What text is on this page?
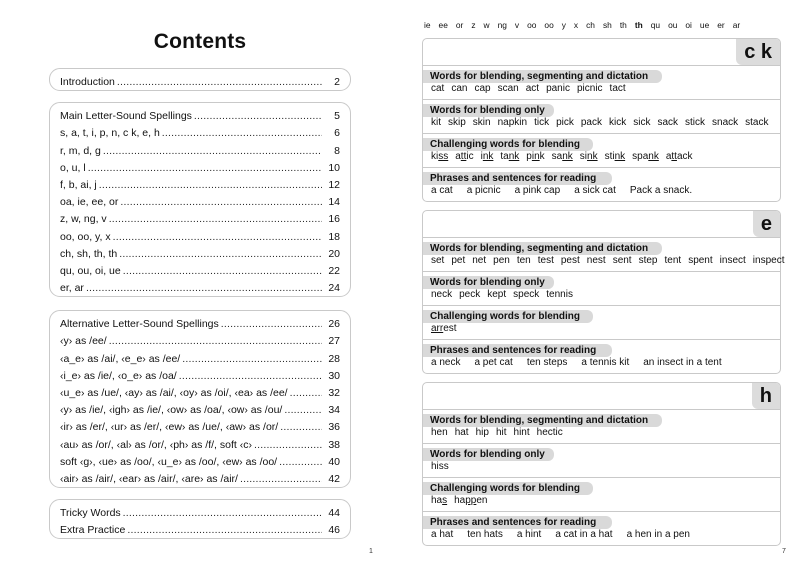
Contents
Introduction .....	2
Main Letter-Sound Spellings .....	5
s, a, t, i, p, n, c k, e, h .....	6
r, m, d, g .....	8
o, u, l .....	10
f, b, ai, j .....	12
oa, ie, ee, or .....	14
z, w, ng, v .....	16
oo, oo, y, x .....	18
ch, sh, th, th .....	20
qu, ou, oi, ue .....	22
er, ar .....	24
Alternative Letter-Sound Spellings .....	26
‹y› as /ee/ .....	27
‹a_e› as /ai/, ‹e_e› as /ee/ .....	28
‹i_e› as /ie/, ‹o_e› as /oa/ .....	30
‹u_e› as /ue/, ‹ay› as /ai/, ‹oy› as /oi/, ‹ea› as /ee/ .....	32
‹y› as /ie/, ‹igh› as /ie/, ‹ow› as /oa/, ‹ow› as /ou/ .....	34
‹ir› as /er/, ‹ur› as /er/, ‹ew› as /ue/, ‹aw› as /or/ .....	36
‹au› as /or/, ‹al› as /or/, ‹ph› as /f/, soft ‹c› .....	38
soft ‹g›, ‹ue› as /oo/, ‹u_e› as /oo/, ‹ew› as /oo/ .....	40
‹air› as /air/, ‹ear› as /air/, ‹are› as /air/ .....	42
Tricky Words .....	44
Extra Practice .....	46
1
ie ee or z w ng v oo oo y x ch sh th th qu ou oi ue er ar
c k
Words for blending, segmenting and dictation
cat can cap scan act panic picnic tact
Words for blending only
kit skip skin napkin tick pick pack kick sick sack stick snack stack
Challenging words for blending
kiss attic ink tank pink sank sink stink spank attack
Phrases and sentences for reading
a cat a picnic a pink cap a sick cat Pack a snack.
e
Words for blending, segmenting and dictation
set pet net pen ten test pest nest sent step tent spent insect inspect
Words for blending only
neck peck kept speck tennis
Challenging words for blending
arrest
Phrases and sentences for reading
a neck a pet cat ten steps a tennis kit an insect in a tent
h
Words for blending, segmenting and dictation
hen hat hip hit hint hectic
Words for blending only
hiss
Challenging words for blending
has happen
Phrases and sentences for reading
a hat ten hats a hint a cat in a hat a hen in a pen
7
